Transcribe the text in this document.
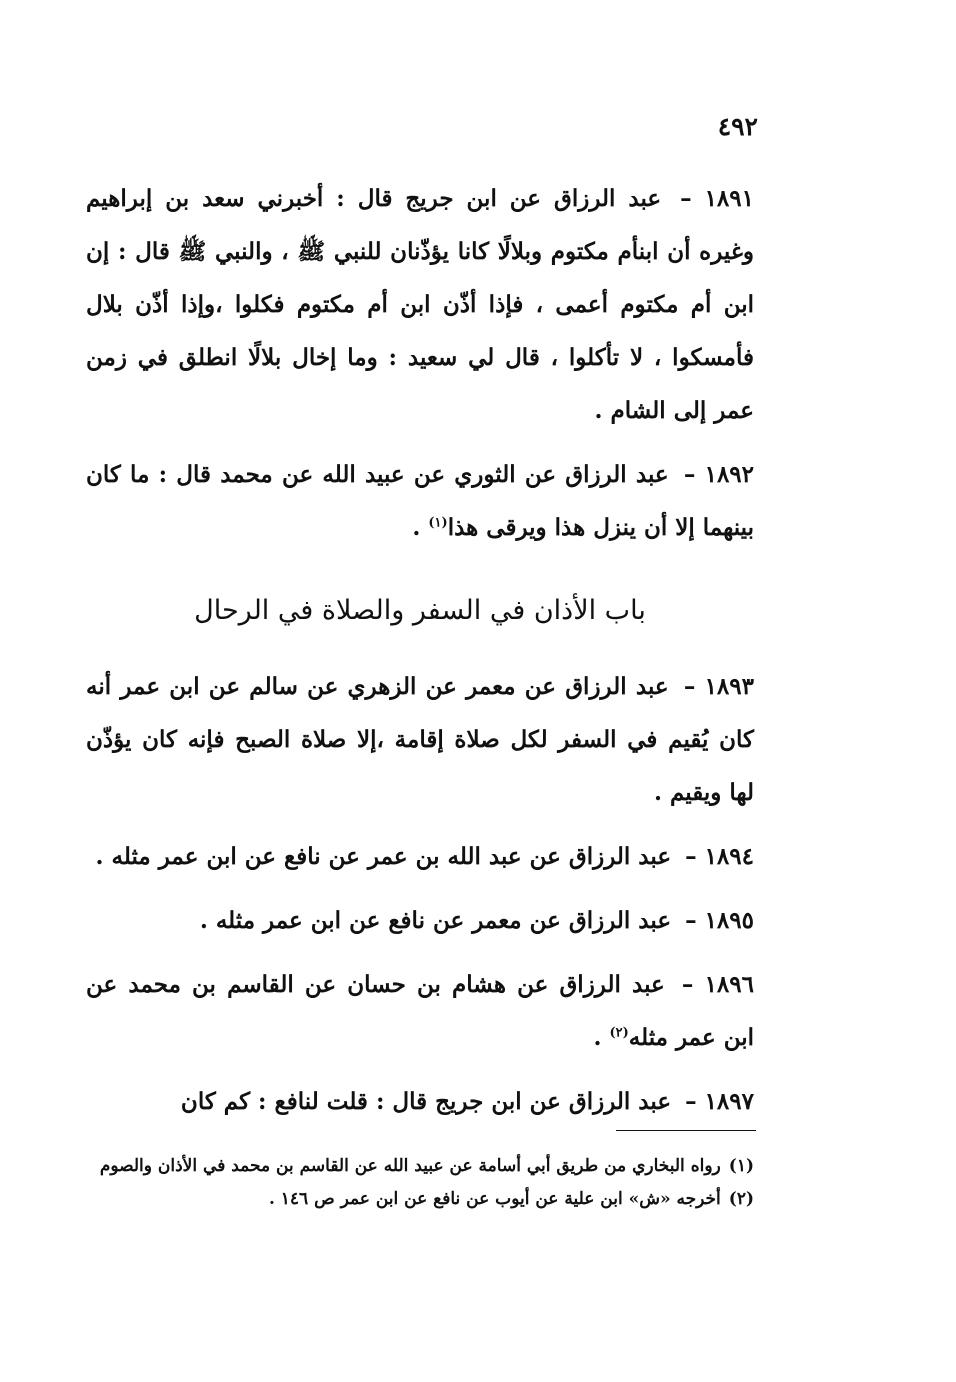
٤٩٢

١٨٩١ – عبد الرزاق عن ابن جريج قال : أخبرني سعد بن إبراهيم وغيره أن ابنأم مكتوم وبلالًا كانا يؤذّنان للنبي ﷺ ، والنبي ﷺ قال : إن ابن أم مكتوم أعمى ، فإذا أذّن ابن أم مكتوم فكلوا ،وإذا أذّن بلال فأمسكوا ، لا تأكلوا ، قال لي سعيد : وما إخال بلالًا انطلق في زمن عمر إلى الشام .

١٨٩٢ – عبد الرزاق عن الثوري عن عبيد الله عن محمد قال : ما كان بينهما إلا أن ينزل هذا ويرقى هذا$^{(١)}$ .

باب الأذان في السفر والصلاة في الرحال

١٨٩٣ – عبد الرزاق عن معمر عن الزهري عن سالم عن ابن عمر أنه كان يُقيم في السفر لكل صلاة إقامة ،إلا صلاة الصبح فإنه كان يؤذّن لها ويقيم .

١٨٩٤ – عبد الرزاق عن عبد الله بن عمر عن نافع عن ابن عمر مثله .

١٨٩٥ – عبد الرزاق عن معمر عن نافع عن ابن عمر مثله .

١٨٩٦ – عبد الرزاق عن هشام بن حسان عن القاسم بن محمد عن ابن عمر مثله$^{(٢)}$ .

١٨٩٧ – عبد الرزاق عن ابن جريج قال : قلت لنافع : كم كان

(١)رواه البخاري من طريق أبي أسامة عن عبيد الله عن القاسم بن محمد في الأذان والصوم
(٢)أخرجه «ش» ابن علية عن أيوب عن نافع عن ابن عمر ص ١٤٦ .
